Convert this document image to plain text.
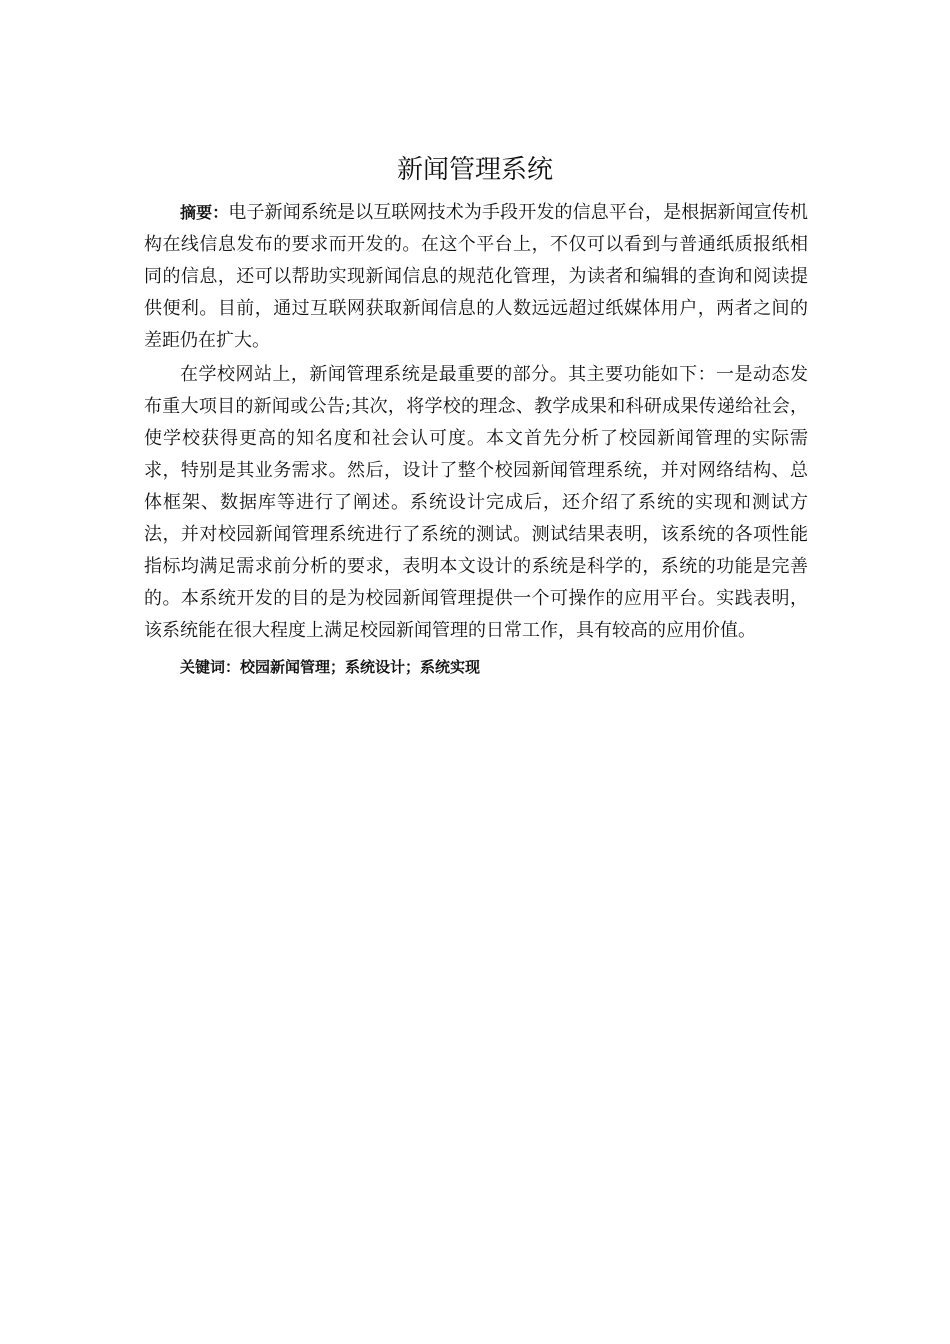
新闻管理系统

摘要：电子新闻系统是以互联网技术为手段开发的信息平台，是根据新闻宣传机构在线信息发布的要求而开发的。在这个平台上，不仅可以看到与普通纸质报纸相同的信息，还可以帮助实现新闻信息的规范化管理，为读者和编辑的查询和阅读提供便利。目前，通过互联网获取新闻信息的人数远远超过纸媒体用户，两者之间的差距仍在扩大。

在学校网站上，新闻管理系统是最重要的部分。其主要功能如下：一是动态发布重大项目的新闻或公告;其次，将学校的理念、教学成果和科研成果传递给社会，使学校获得更高的知名度和社会认可度。本文首先分析了校园新闻管理的实际需求，特别是其业务需求。然后，设计了整个校园新闻管理系统，并对网络结构、总体框架、数据库等进行了阐述。系统设计完成后，还介绍了系统的实现和测试方法，并对校园新闻管理系统进行了系统的测试。测试结果表明，该系统的各项性能指标均满足需求前分析的要求，表明本文设计的系统是科学的，系统的功能是完善的。本系统开发的目的是为校园新闻管理提供一个可操作的应用平台。实践表明，该系统能在很大程度上满足校园新闻管理的日常工作，具有较高的应用价值。

关键词：校园新闻管理；系统设计；系统实现
